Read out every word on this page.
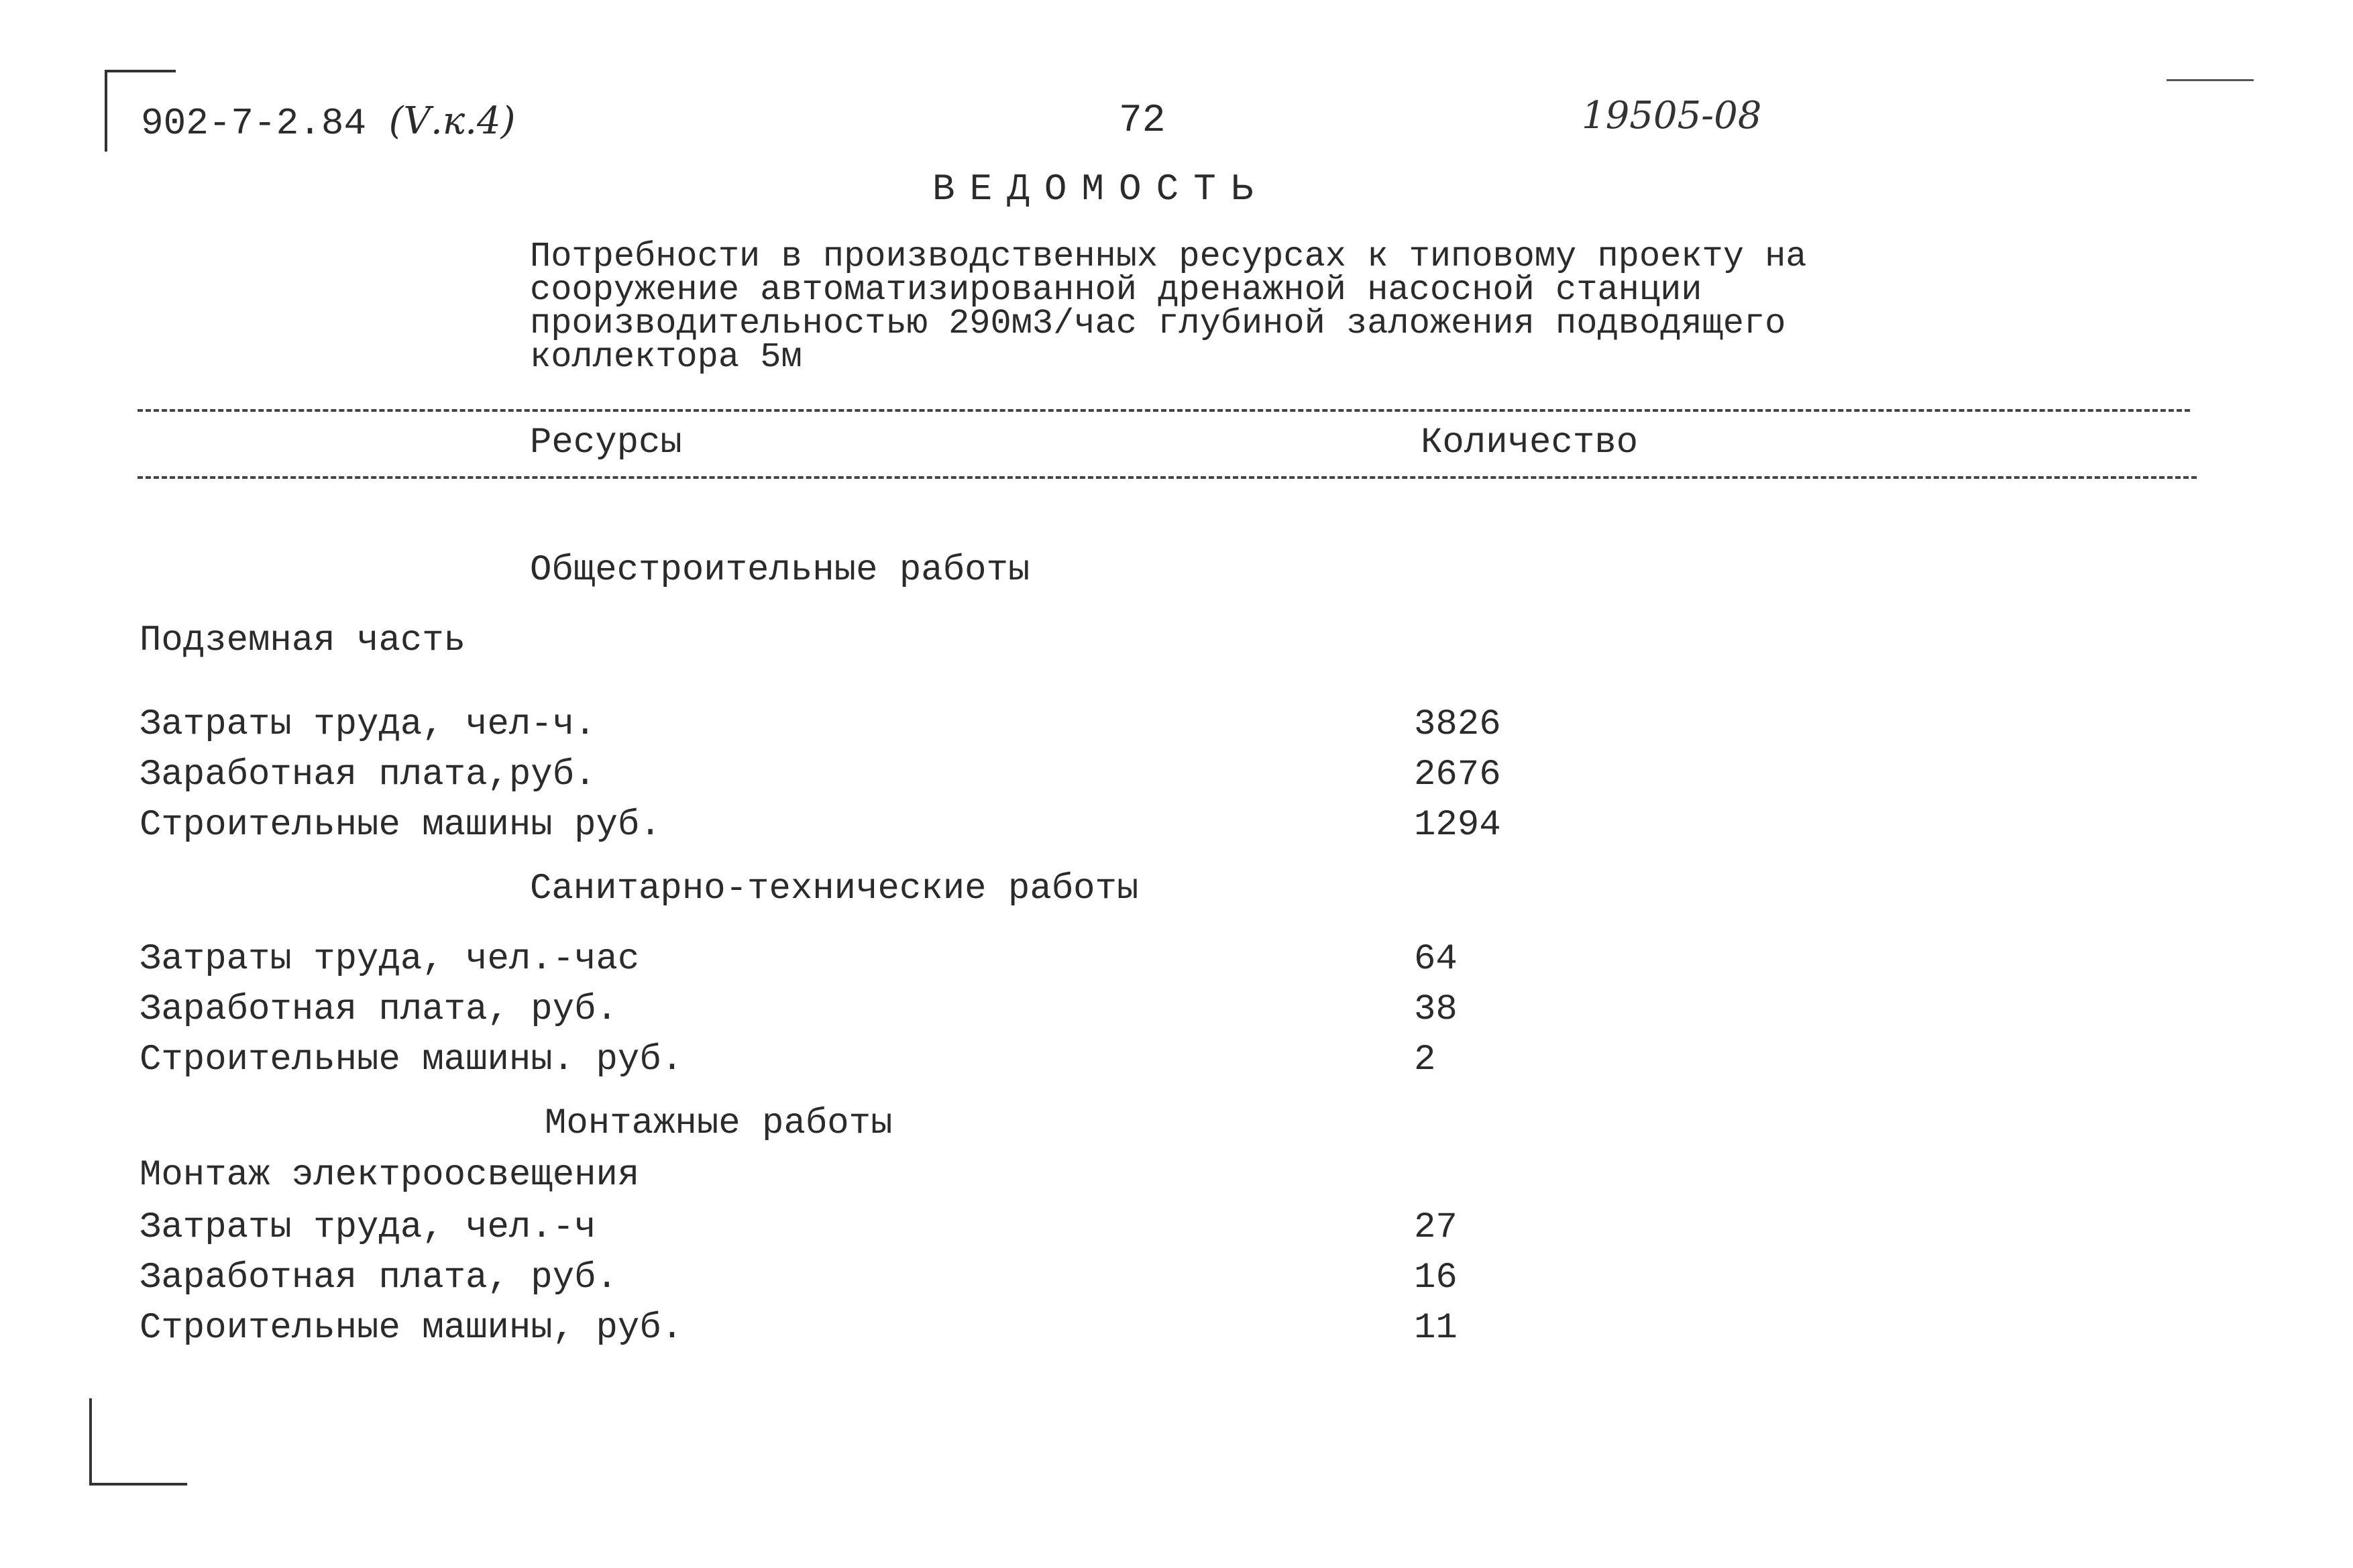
902-7-2.84 (Ⅴ.к.4)	72	19505-08
ВЕДОМОСТЬ
Потребности в производственных ресурсах к типовому проекту на
сооружение автоматизированной дренажной насосной станции
производительностью 290м3/час глубиной заложения подводящего
коллектора 5м
Ресурсы	Количество
Общестроительные работы
Подземная часть
Затраты труда, чел-ч.	3826
Заработная плата,руб.	2676
Строительные машины руб.	1294
Санитарно-технические работы
Затраты труда, чел.-час	64
Заработная плата, руб.	38
Строительные машины. руб.	2
Монтажные работы
Монтаж электроосвещения
Затраты труда, чел.-ч	27
Заработная плата, руб.	16
Строительные машины, руб.	11
